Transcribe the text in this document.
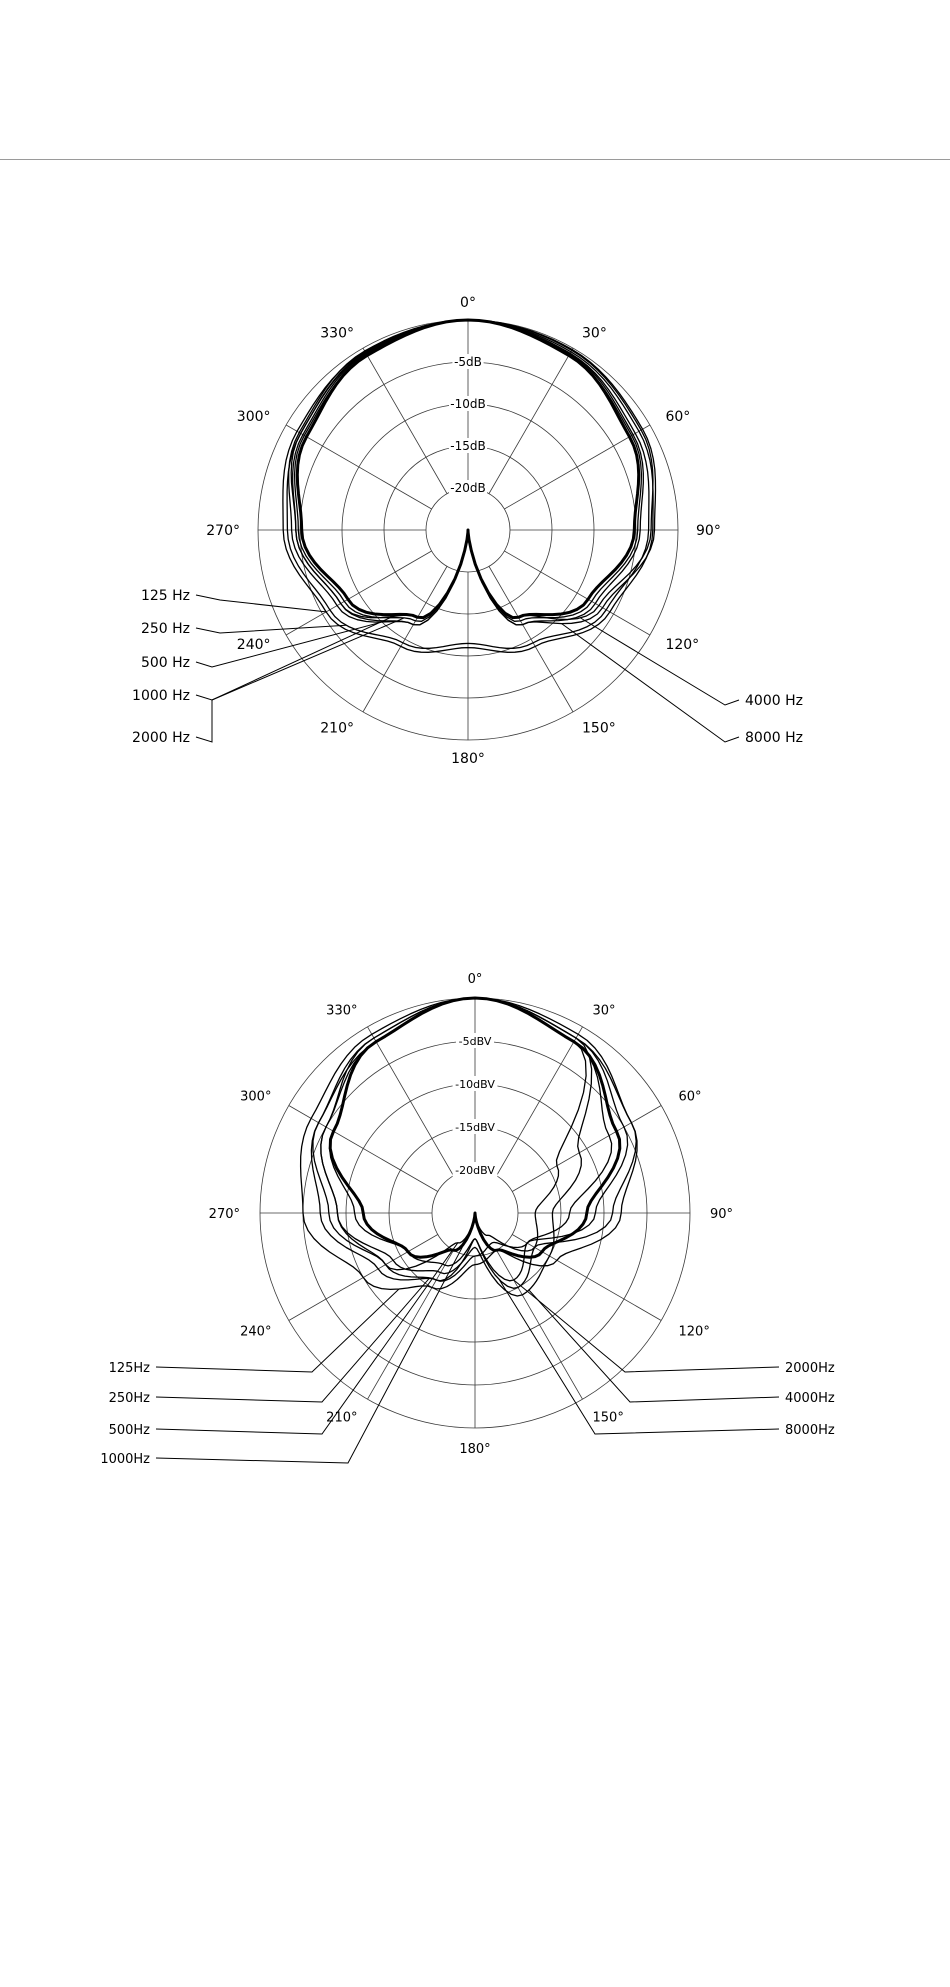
-5dB
-10dB
-15dB
-20dB
0°
30°
60°
90°
120°
150°
180°
210°
240°
270°
300°
330°
125 Hz
250 Hz
500 Hz
1000 Hz
2000 Hz
4000 Hz
8000 Hz
-5dBV
-10dBV
-15dBV
-20dBV
0°
30°
60°
90°
120°
150°
180°
210°
240°
270°
300°
330°
125Hz
250Hz
500Hz
1000Hz
2000Hz
4000Hz
8000Hz
